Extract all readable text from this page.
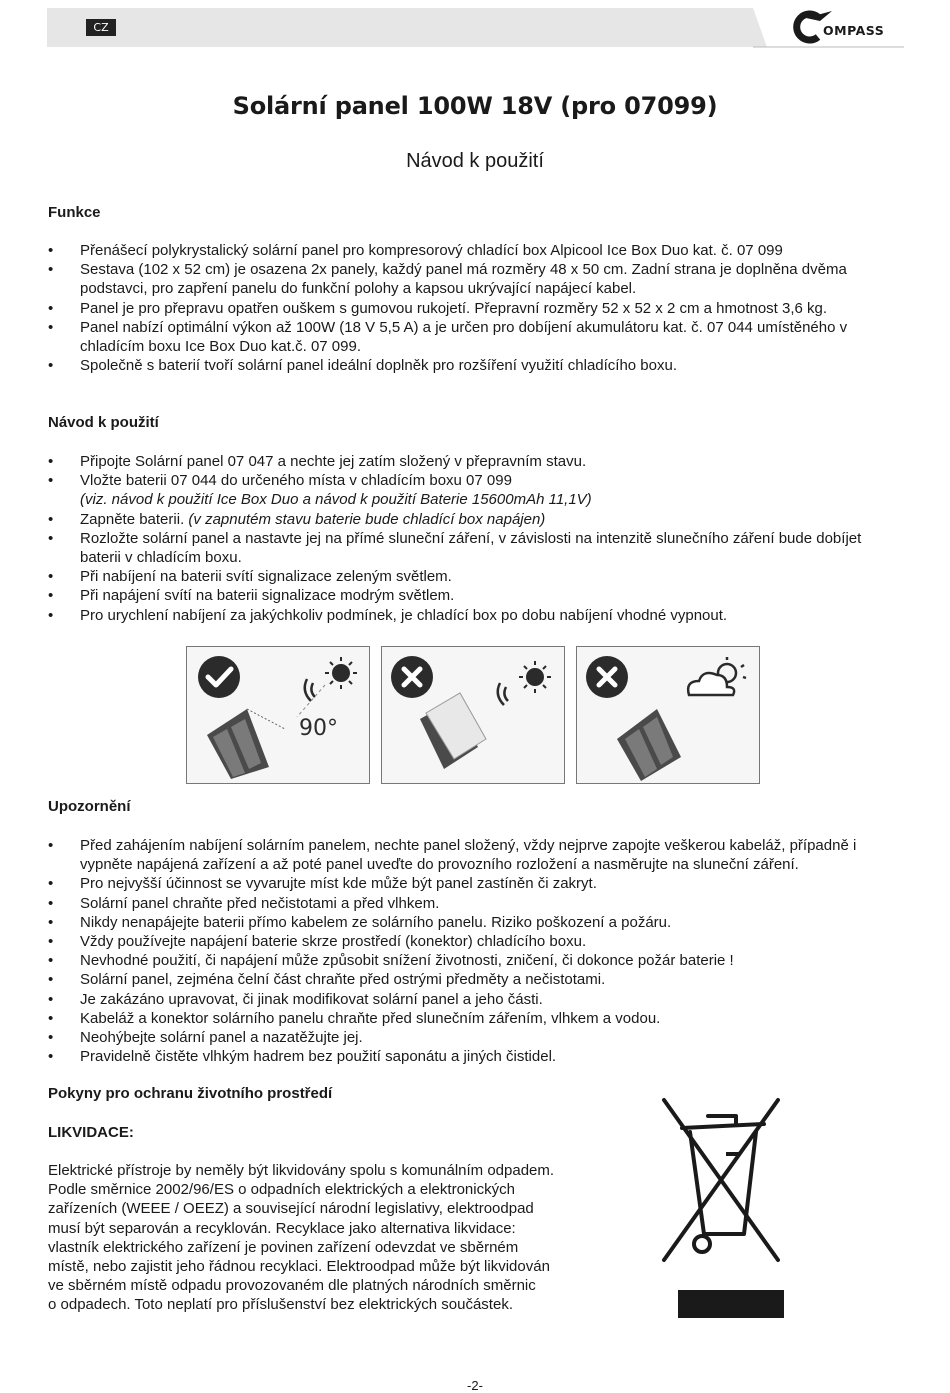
CZ	OMPASS
Solární panel 100W 18V (pro 07099)
Návod k použití
Funkce
• Přenášecí polykrystalický solární panel pro kompresorový chladící box Alpicool Ice Box Duo kat. č. 07 099
• Sestava (102 x 52 cm) je osazena 2x panely, každý panel má rozměry 48 x 50 cm. Zadní strana je doplněna dvěma podstavci, pro zapření panelu do funkční polohy a kapsou ukrývající napájecí kabel.
• Panel je pro přepravu opatřen ouškem s gumovou rukojetí. Přepravní rozměry 52 x 52 x 2 cm a hmotnost 3,6 kg.
• Panel nabízí optimální výkon až 100W (18 V 5,5 A) a je určen pro dobíjení akumulátoru kat. č. 07 044 umístěného v chladícím boxu Ice Box Duo kat.č. 07 099.
• Společně s baterií tvoří solární panel ideální doplněk pro rozšíření využití chladícího boxu.
Návod k použití
• Připojte Solární panel 07 047 a nechte jej zatím složený v přepravním stavu.
• Vložte baterii 07 044 do určeného místa v chladícím boxu 07 099
(viz. návod k použití Ice Box Duo a návod k použití Baterie 15600mAh 11,1V)
• Zapněte baterii. (v zapnutém stavu baterie bude chladící box napájen)
• Rozložte solární panel a nastavte jej na přímé sluneční záření, v závislosti na intenzitě slunečního záření bude dobíjet baterii v chladícím boxu.
• Při nabíjení na baterii svítí signalizace zeleným světlem.
• Při napájení svítí na baterii signalizace modrým světlem.
• Pro urychlení nabíjení za jakýchkoliv podmínek, je chladící box po dobu nabíjení vhodné vypnout.
90°
Upozornění
• Před zahájením nabíjení solárním panelem, nechte panel složený, vždy nejprve zapojte veškerou kabeláž, případně i vypněte napájená zařízení a až poté panel uveďte do provozního rozložení a nasměrujte na sluneční záření.
• Pro nejvyšší účinnost se vyvarujte míst kde může být panel zastíněn či zakryt.
• Solární panel chraňte před nečistotami a před vlhkem.
• Nikdy nenapájejte baterii přímo kabelem ze solárního panelu. Riziko poškození a požáru.
• Vždy používejte napájení baterie skrze prostředí (konektor) chladícího boxu.
• Nevhodné použití, či napájení může způsobit snížení životnosti, zničení, či dokonce požár baterie !
• Solární panel, zejména čelní část chraňte před ostrými předměty a nečistotami.
• Je zakázáno upravovat, či jinak modifikovat solární panel a jeho části.
• Kabeláž a konektor solárního panelu chraňte před slunečním zářením, vlhkem a vodou.
• Neohýbejte solární panel a nazatěžujte jej.
• Pravidelně čistěte vlhkým hadrem bez použití saponátu a jiných čistidel.
Pokyny pro ochranu životního prostředí
LIKVIDACE:
Elektrické přístroje by neměly být likvidovány spolu s komunálním odpadem.
Podle směrnice 2002/96/ES o odpadních elektrických a elektronických
zařízeních (WEEE / OEEZ) a související národní legislativy, elektroodpad
musí být separován a recyklován. Recyklace jako alternativa likvidace:
vlastník elektrického zařízení je povinen zařízení odevzdat ve sběrném
místě, nebo zajistit jeho řádnou recyklaci. Elektroodpad může být likvidován
ve sběrném místě odpadu provozovaném dle platných národních směrnic
o odpadech. Toto neplatí pro příslušenství bez elektrických součástek.
-2-
